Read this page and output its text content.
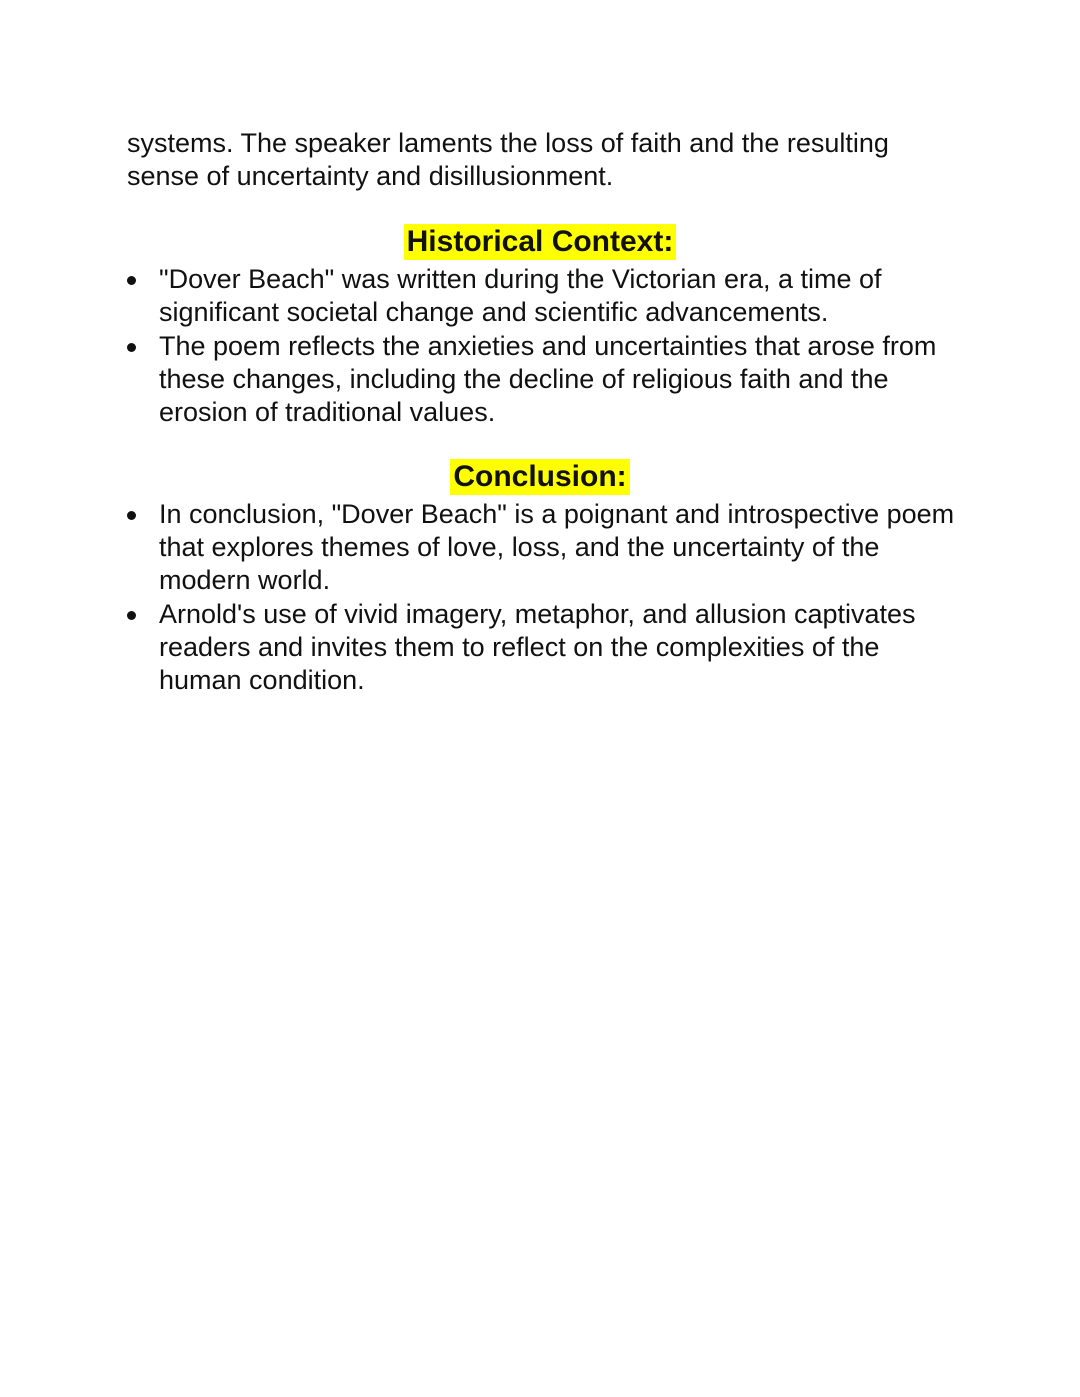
systems. The speaker laments the loss of faith and the resulting sense of uncertainty and disillusionment.

Historical Context:
"Dover Beach" was written during the Victorian era, a time of significant societal change and scientific advancements.
The poem reflects the anxieties and uncertainties that arose from these changes, including the decline of religious faith and the erosion of traditional values.
Conclusion:
In conclusion, "Dover Beach" is a poignant and introspective poem that explores themes of love, loss, and the uncertainty of the modern world.
Arnold's use of vivid imagery, metaphor, and allusion captivates readers and invites them to reflect on the complexities of the human condition.
